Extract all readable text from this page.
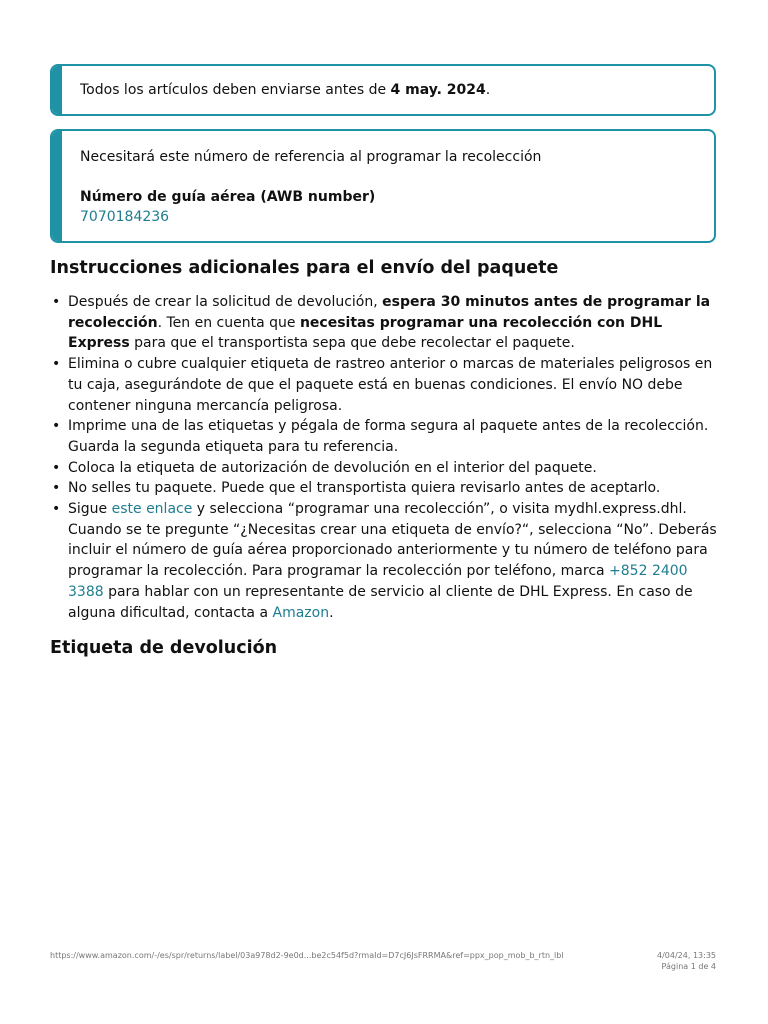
Todos los artículos deben enviarse antes de 4 may. 2024.
Necesitará este número de referencia al programar la recolección
Número de guía aérea (AWB number)
7070184236
Instrucciones adicionales para el envío del paquete
• Después de crear la solicitud de devolución, espera 30 minutos antes de programar la recolección. Ten en cuenta que necesitas programar una recolección con DHL Express para que el transportista sepa que debe recolectar el paquete.
• Elimina o cubre cualquier etiqueta de rastreo anterior o marcas de materiales peligrosos en tu caja, asegurándote de que el paquete está en buenas condiciones. El envío NO debe contener ninguna mercancía peligrosa.
• Imprime una de las etiquetas y pégala de forma segura al paquete antes de la recolección. Guarda la segunda etiqueta para tu referencia.
• Coloca la etiqueta de autorización de devolución en el interior del paquete.
• No selles tu paquete. Puede que el transportista quiera revisarlo antes de aceptarlo.
• Sigue este enlace y selecciona “programar una recolección”, o visita mydhl.express.dhl. Cuando se te pregunte “¿Necesitas crear una etiqueta de envío?“, selecciona “No”. Deberás incluir el número de guía aérea proporcionado anteriormente y tu número de teléfono para programar la recolección. Para programar la recolección por teléfono, marca +852 2400 3388 para hablar con un representante de servicio al cliente de DHL Express. En caso de alguna dificultad, contacta a Amazon.
Etiqueta de devolución
https://www.amazon.com/-/es/spr/returns/label/03a978d2-9e0d...be2c54f5d?rmaId=D7cJ6JsFRRMA&ref=ppx_pop_mob_b_rtn_lbl	4/04/24, 13:35
Página 1 de 4
